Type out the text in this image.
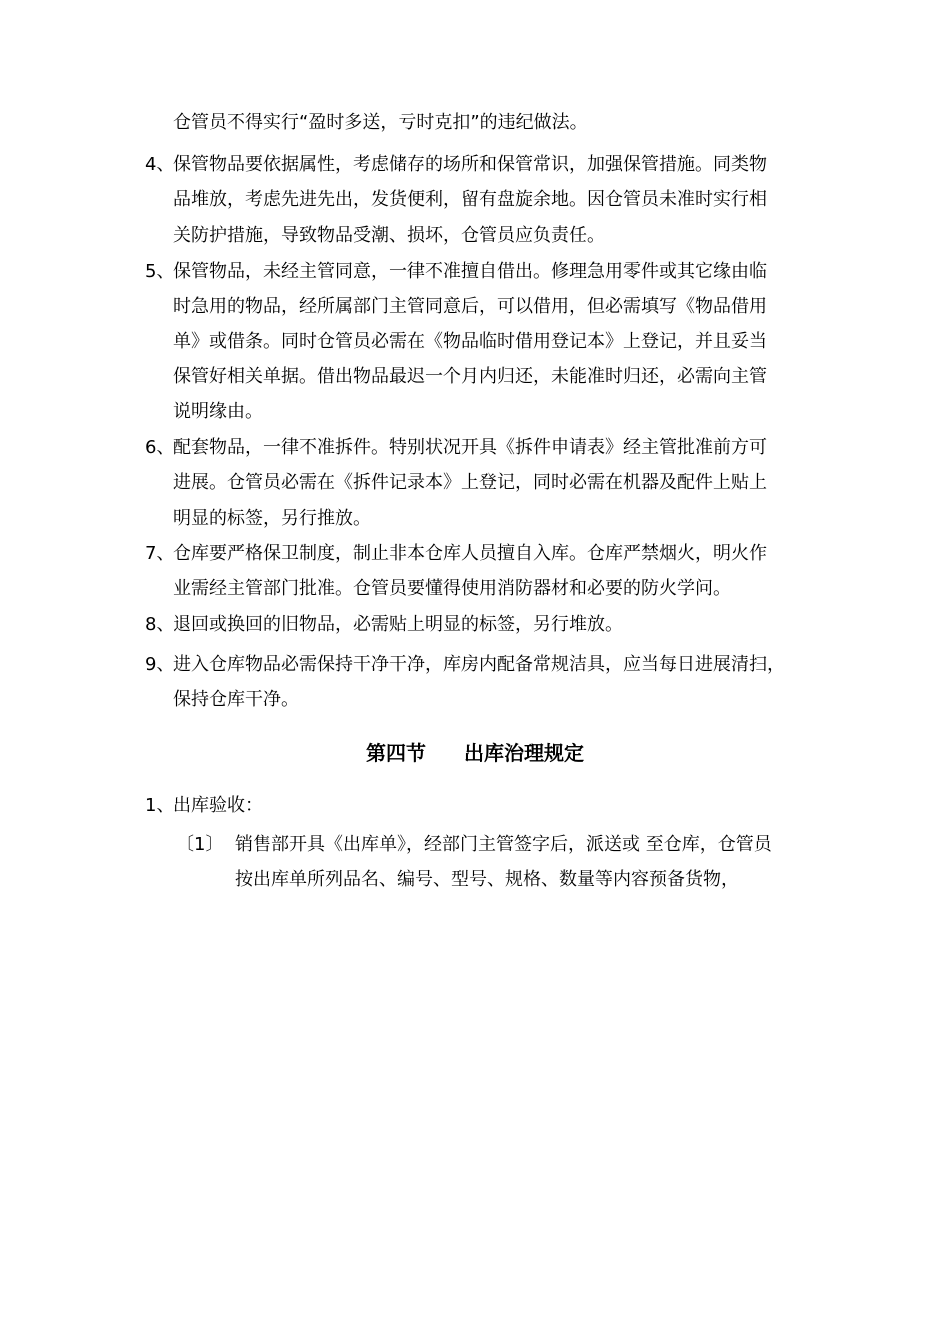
仓管员不得实行“盈时多送，亏时克扣”的违纪做法。
4、
保管物品要依据属性，考虑储存的场所和保管常识，加强保管措施。同类物
品堆放，考虑先进先出，发货便利，留有盘旋余地。因仓管员未准时实行相
关防护措施，导致物品受潮、损坏，仓管员应负责任。
5、
保管物品，未经主管同意，一律不准擅自借出。修理急用零件或其它缘由临
时急用的物品，经所属部门主管同意后，可以借用，但必需填写《物品借用
单》或借条。同时仓管员必需在《物品临时借用登记本》上登记，并且妥当
保管好相关单据。借出物品最迟一个月内归还，未能准时归还，必需向主管
说明缘由。
6、
配套物品，一律不准拆件。特别状况开具《拆件申请表》经主管批准前方可
进展。仓管员必需在《拆件记录本》上登记，同时必需在机器及配件上贴上
明显的标签，另行推放。
7、
仓库要严格保卫制度，制止非本仓库人员擅自入库。仓库严禁烟火，明火作
业需经主管部门批准。仓管员要懂得使用消防器材和必要的防火学问。
8、
退回或换回的旧物品，必需贴上明显的标签，另行堆放。
9、
进入仓库物品必需保持干净干净，库房内配备常规洁具，应当每日进展清扫，
保持仓库干净。
第四节 出库治理规定
1、
出库验收：
〔1〕 销售部开具《出库单》，经部门主管签字后，派送或 至仓库，仓管员
按出库单所列品名、编号、型号、规格、数量等内容预备货物，
